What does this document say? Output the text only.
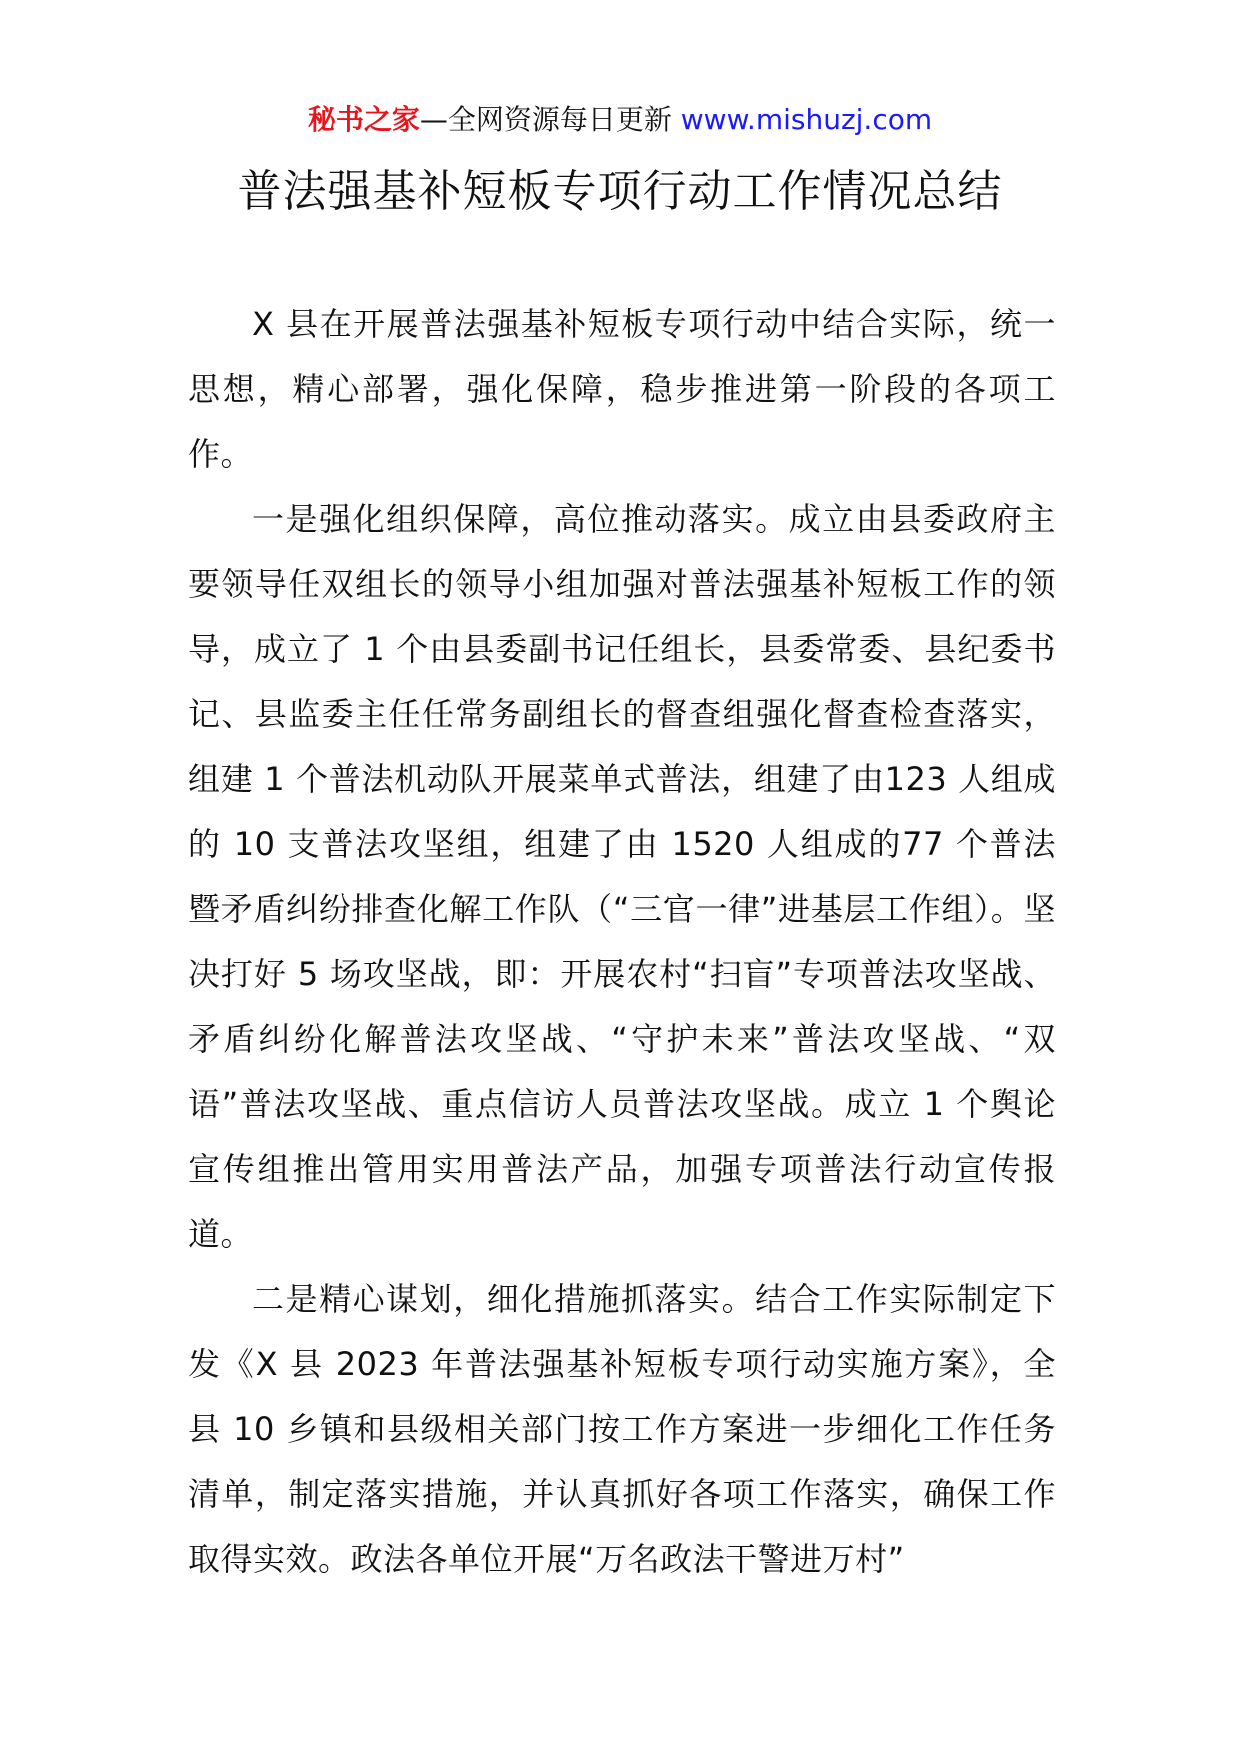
秘书之家—全网资源每日更新 www.mishuzj.com
普法强基补短板专项行动工作情况总结

X 县在开展普法强基补短板专项行动中结合实际，统一思想，精心部署，强化保障，稳步推进第一阶段的各项工作。

一是强化组织保障，高位推动落实。成立由县委政府主要领导任双组长的领导小组加强对普法强基补短板工作的领导，成立了 1 个由县委副书记任组长，县委常委、县纪委书记、县监委主任任常务副组长的督查组强化督查检查落实，组建 1 个普法机动队开展菜单式普法，组建了由123 人组成的 10 支普法攻坚组，组建了由 1520 人组成的77 个普法暨矛盾纠纷排查化解工作队（“三官一律”进基层工作组）。坚决打好 5 场攻坚战，即：开展农村“扫盲”专项普法攻坚战、矛盾纠纷化解普法攻坚战、“守护未来”普法攻坚战、“双语”普法攻坚战、重点信访人员普法攻坚战。成立 1 个舆论宣传组推出管用实用普法产品，加强专项普法行动宣传报道。

二是精心谋划，细化措施抓落实。结合工作实际制定下发《X 县 2023 年普法强基补短板专项行动实施方案》，全县 10 乡镇和县级相关部门按工作方案进一步细化工作任务清单，制定落实措施，并认真抓好各项工作落实，确保工作取得实效。政法各单位开展“万名政法干警进万村”
